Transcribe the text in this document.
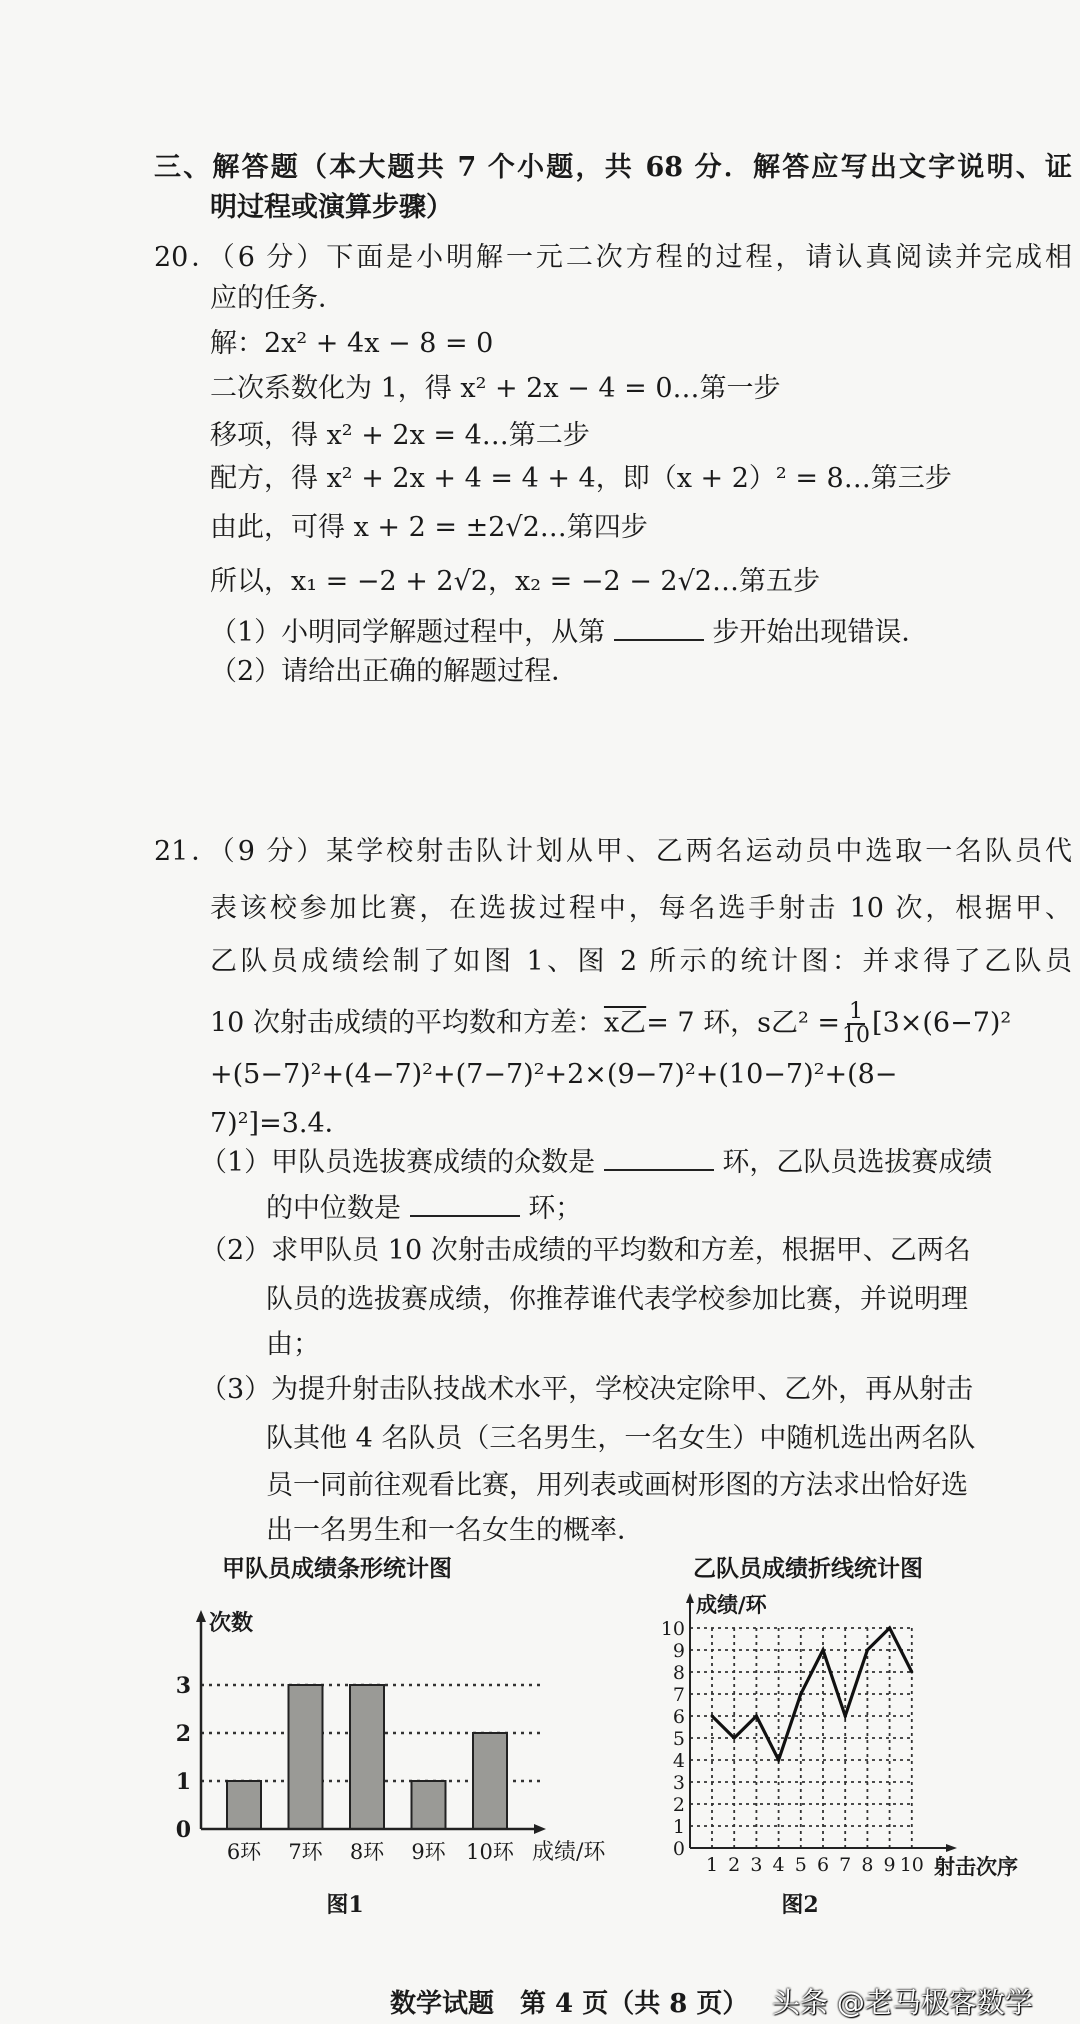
三、解答题（本大题共 7 个小题，共 68 分．解答应写出文字说明、证
明过程或演算步骤）
20．（6 分）下面是小明解一元二次方程的过程，请认真阅读并完成相
应的任务．
解：2x² + 4x − 8 = 0
二次系数化为 1，得 x² + 2x − 4 = 0…第一步
移项，得 x² + 2x = 4…第二步
配方，得 x² + 2x + 4 = 4 + 4，即（x + 2）² = 8…第三步
由此，可得 x + 2 = ±2√2…第四步
所以，x₁ = −2 + 2√2，x₂ = −2 − 2√2…第五步
（1）小明同学解题过程中，从第	步开始出现错误．
（2）请给出正确的解题过程．
21．（9 分）某学校射击队计划从甲、乙两名运动员中选取一名队员代
表该校参加比赛，在选拔过程中，每名选手射击 10 次，根据甲、
乙队员成绩绘制了如图 1、图 2 所示的统计图：并求得了乙队员
10 次射击成绩的平均数和方差：x乙= 7 环，s乙$^2 = \frac{1}{10} [3\times(6-7)^2$
+(5−7)²+(4−7)²+(7−7)²+2×(9−7)²+(10−7)²+(8−
7)²]=3.4．
（1）甲队员选拔赛成绩的众数是	环，乙队员选拔赛成绩
的中位数是	环；
（2）求甲队员 10 次射击成绩的平均数和方差，根据甲、乙两名
队员的选拔赛成绩，你推荐谁代表学校参加比赛，并说明理
由；
（3）为提升射击队技战术水平，学校决定除甲、乙外，再从射击
队其他 4 名队员（三名男生，一名女生）中随机选出两名队
员一同前往观看比赛，用列表或画树形图的方法求出恰好选
出一名男生和一名女生的概率．
甲队员成绩条形统计图	乙队员成绩折线统计图
0
1
2
3
6环 7环 8环 9环 10环
次数
成绩/环
图1
0
1
2
3
4
5
6
7
8
9
10
1 2 3 4 5 6 7 8 9 10
成绩/环
射击次序
图2
数学试题　第 4 页（共 8 页） 头条 @老马极客数学
